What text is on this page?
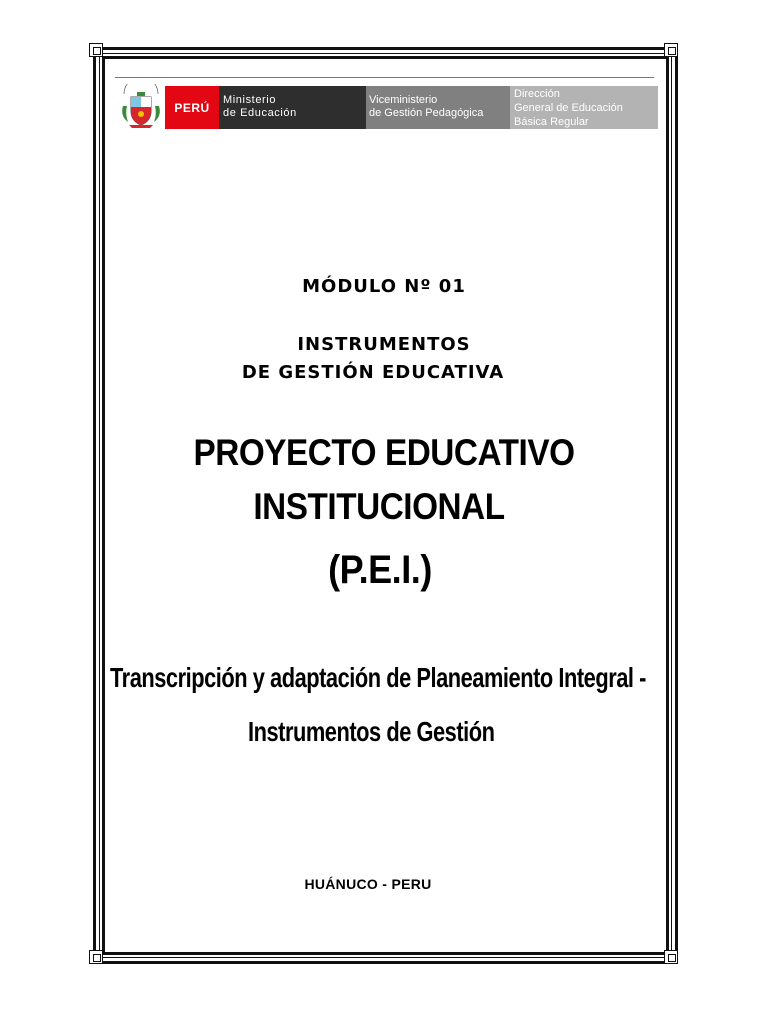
PERÚ
Ministerio
de Educación
Viceministerio
de Gestión Pedagógica
Dirección
General de Educación
Básica Regular
MÓDULO Nº 01
INSTRUMENTOS
DE GESTIÓN EDUCATIVA
PROYECTO EDUCATIVO
INSTITUCIONAL
(P.E.I.)
Transcripción y adaptación de Planeamiento Integral -
Instrumentos de Gestión
HUÁNUCO - PERU
